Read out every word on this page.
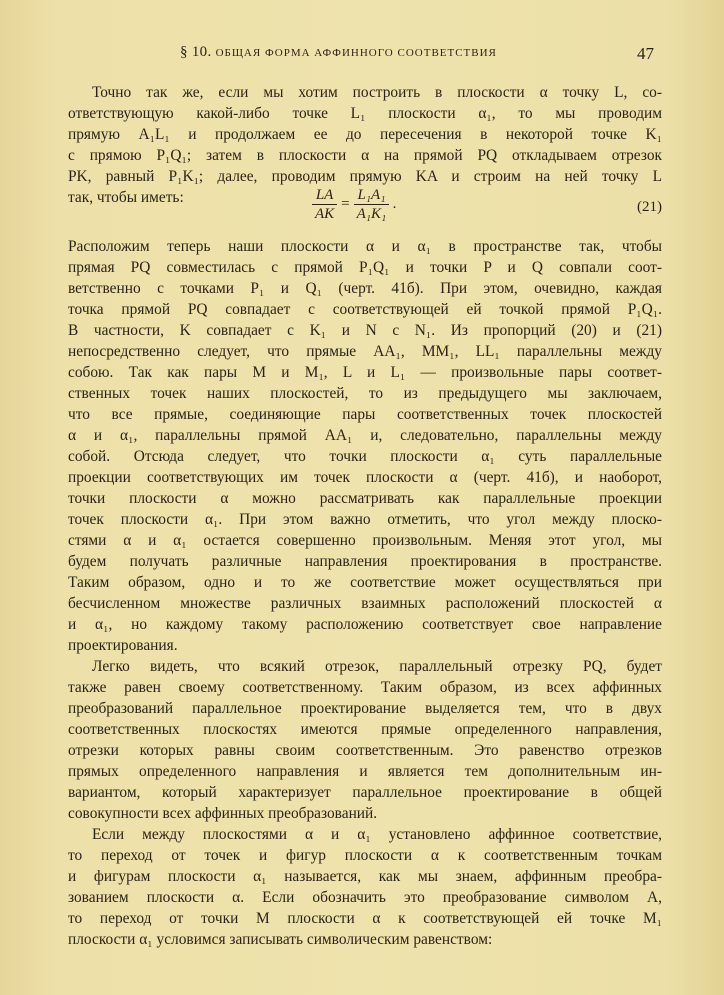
§ 10. ОБЩАЯ ФОРМА АФФИННОГО СООТВЕТСТВИЯ	47
Точно так же, если мы хотим построить в плоскости α точку L, со-
ответствующую какой-либо точке L₁ плоскости α₁, то мы проводим
прямую A₁L₁ и продолжаем ее до пересечения в некоторой точке K₁
с прямою P₁Q₁; затем в плоскости α на прямой PQ откладываем отрезок
PK, равный P₁K₁; далее, проводим прямую KA и строим на ней точку L
так, чтобы иметь:	$\frac{LA}{AK} = \frac{\text{L₁A₁}}{\text{A₁K₁}}$ .	(21)
Расположим теперь наши плоскости α и α₁ в пространстве так, чтобы
прямая PQ совместилась с прямой P₁Q₁ и точки P и Q совпали соот-
ветственно с точками P₁ и Q₁ (черт. 41б). При этом, очевидно, каждая
точка прямой PQ совпадает с соответствующей ей точкой прямой P₁Q₁.
В частности, K совпадает с K₁ и N с N₁. Из пропорций (20) и (21)
непосредственно следует, что прямые AA₁, MM₁, LL₁ параллельны между
собою. Так как пары M и M₁, L и L₁ — произвольные пары соответ-
ственных точек наших плоскостей, то из предыдущего мы заключаем,
что все прямые, соединяющие пары соответственных точек плоскостей
α и α₁, параллельны прямой AA₁ и, следовательно, параллельны между
собой. Отсюда следует, что точки плоскости α₁ суть параллельные
проекции соответствующих им точек плоскости α (черт. 41б), и наоборот,
точки плоскости α можно рассматривать как параллельные проекции
точек плоскости α₁. При этом важно отметить, что угол между плоско-
стями α и α₁ остается совершенно произвольным. Меняя этот угол, мы
будем получать различные направления проектирования в пространстве.
Таким образом, одно и то же соответствие может осуществляться при
бесчисленном множестве различных взаимных расположений плоскостей α
и α₁, но каждому такому расположению соответствует свое направление
проектирования.
Легко видеть, что всякий отрезок, параллельный отрезку PQ, будет
также равен своему соответственному. Таким образом, из всех аффинных
преобразований параллельное проектирование выделяется тем, что в двух
соответственных плоскостях имеются прямые определенного направления,
отрезки которых равны своим соответственным. Это равенство отрезков
прямых определенного направления и является тем дополнительным ин-
вариантом, который характеризует параллельное проектирование в общей
совокупности всех аффинных преобразований.
Если между плоскостями α и α₁ установлено аффинное соответствие,
то переход от точек и фигур плоскости α к соответственным точкам
и фигурам плоскости α₁ называется, как мы знаем, аффинным преобра-
зованием плоскости α. Если обозначить это преобразование символом A,
то переход от точки M плоскости α к соответствующей ей точке M₁
плоскости α₁ условимся записывать символическим равенством:
